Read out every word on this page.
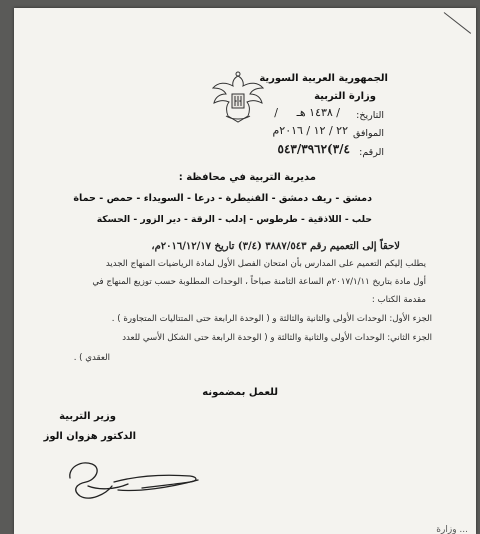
الجمهورية العربية السورية
وزارة التربية
التاريخ:
/ ١٤٣٨ هـ
/
الموافق
٢٢ / ١٢ / ٢٠١٦م
الرقم:
٣/٤)٥٤٣/٣٩٦٢
مديرية التربية في محافظة :
دمشق - ريف دمشق - القنيطرة - درعا - السويداء - حمص - حماة
حلب - اللاذقية - طرطوس - إدلب - الرقة - دير الزور - الحسكة
لاحقاً إلى التعميم رقم ٣٨٨٧/٥٤٣ (٣/٤) تاريخ ٢٠١٦/١٢/١٧م،
يطلب إليكم التعميم على المدارس بأن امتحان الفصل الأول لمادة الرياضيات المنهاج الجديد
أول مادة بتاريخ ٢٠١٧/١/١١م الساعة الثامنة صباحاً ، الوحدات المطلوبة حسب توزيع المنهاج في
مقدمة الكتاب :
الجزء الأول: الوحدات الأولى والثانية والثالثة و ( الوحدة الرابعة حتى المتتاليات المتجاورة ) .
الجزء الثاني: الوحدات الأولى والثانية والثالثة و ( الوحدة الرابعة حتى الشكل الأسي للعدد
العقدي ) .
للعمل بمضمونه
وزير التربية
الدكتور هزوان الوز
... وزارة
